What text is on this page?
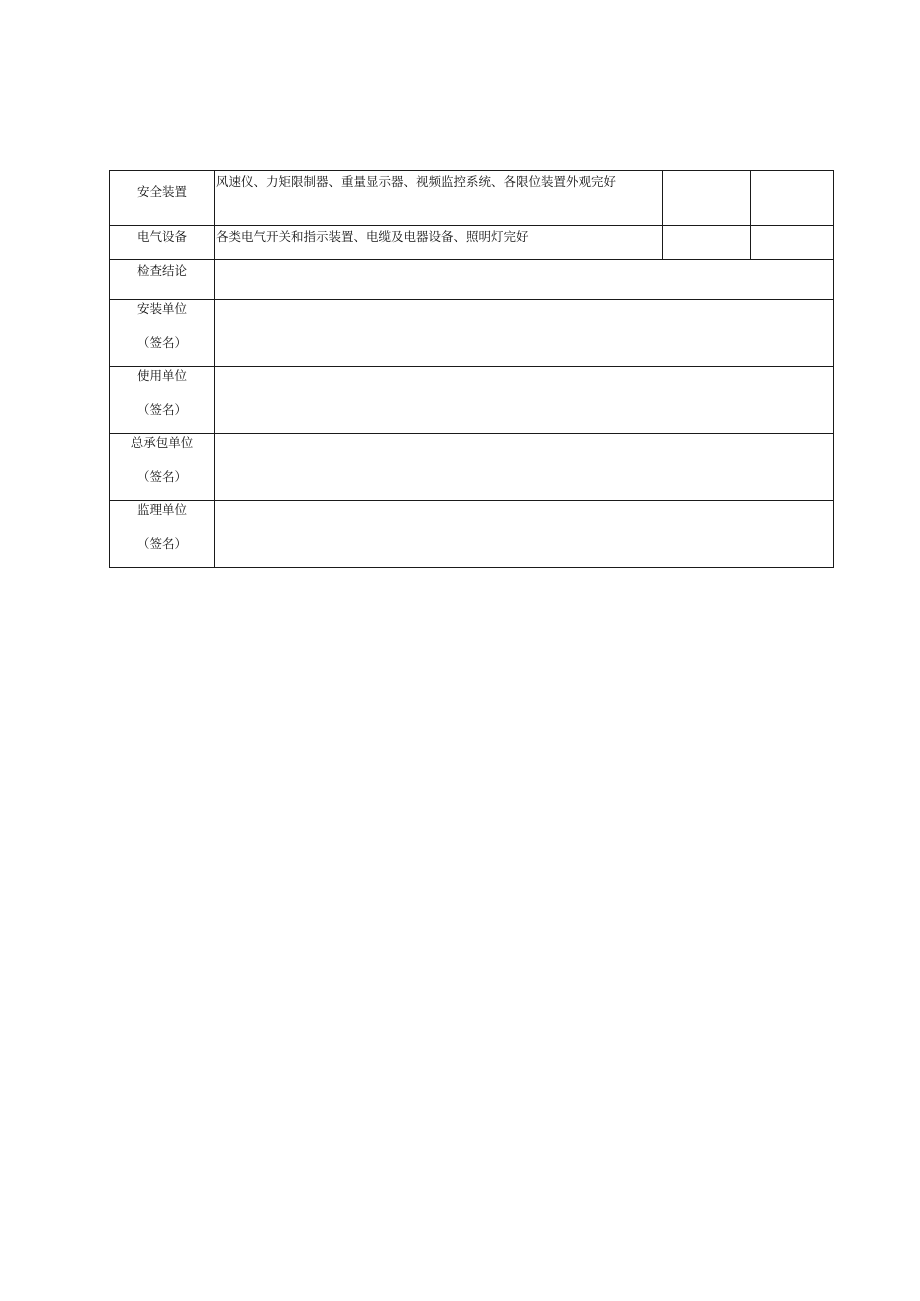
安全装置	风速仪、力矩限制器、重量显示器、视频监控系统、各限位装置外观完好		

电气设备	各类电气开关和指示装置、电缆及电器设备、照明灯完好		

检查结论			

安装单位
（签名）			

使用单位
（签名）			

总承包单位
（签名）			

监理单位
（签名）			
